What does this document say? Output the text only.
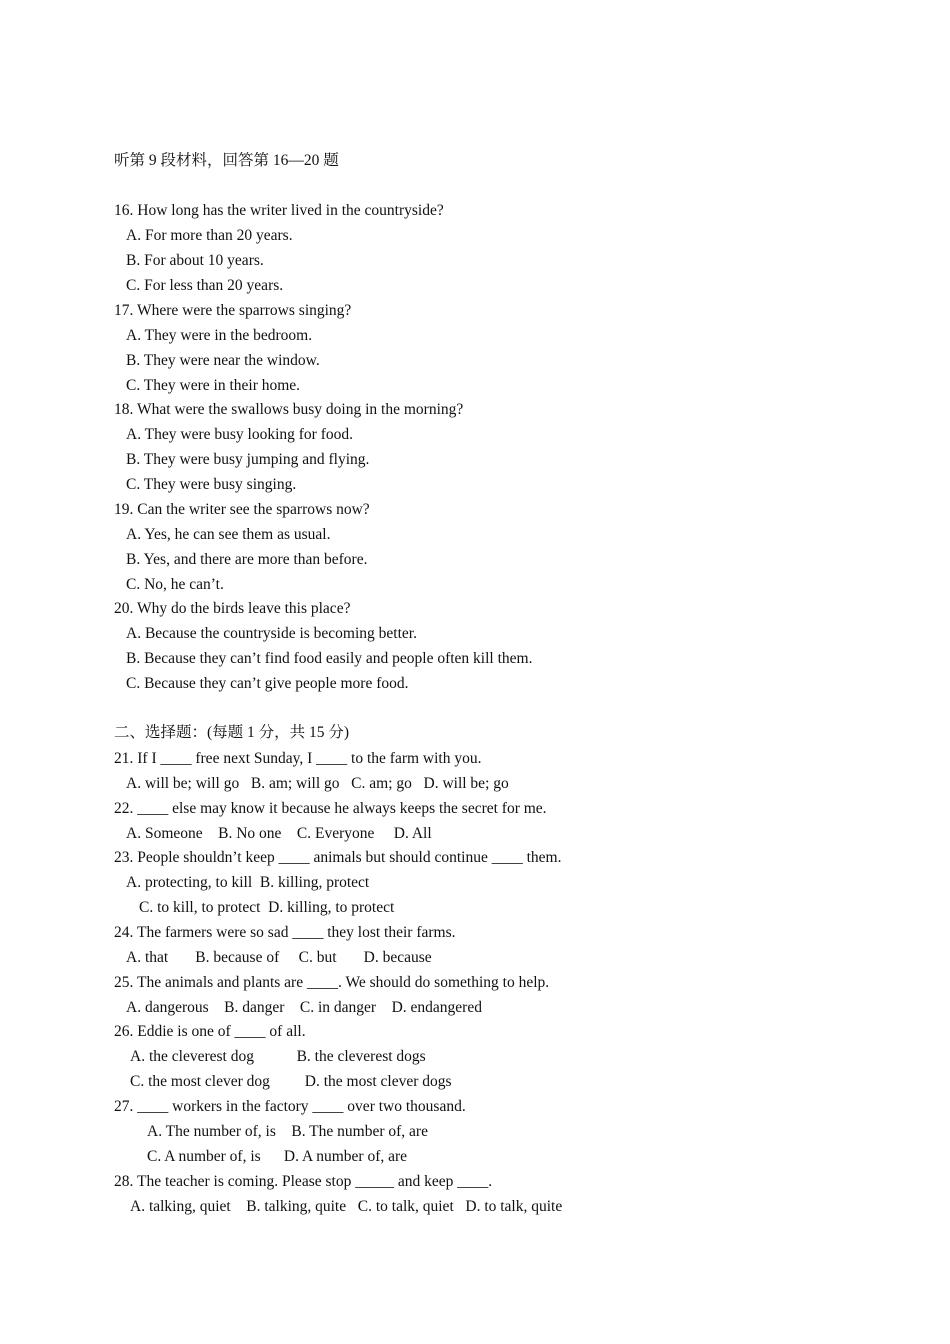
听第 9 段材料，回答第 16—20 题
16. How long has the writer lived in the countryside?
A. For more than 20 years.
B. For about 10 years.
C. For less than 20 years.
17. Where were the sparrows singing?
A. They were in the bedroom.
B. They were near the window.
C. They were in their home.
18. What were the swallows busy doing in the morning?
A. They were busy looking for food.
B. They were busy jumping and flying.
C. They were busy singing.
19. Can the writer see the sparrows now?
A. Yes, he can see them as usual.
B. Yes, and there are more than before.
C. No, he can’t.
20. Why do the birds leave this place?
A. Because the countryside is becoming better.
B. Because they can’t find food easily and people often kill them.
C. Because they can’t give people more food.
二、选择题：(每题 1 分，共 15 分)
21. If I ____ free next Sunday, I ____ to the farm with you.
A. will be; will go   B. am; will go   C. am; go   D. will be; go
22. ____ else may know it because he always keeps the secret for me.
A. Someone    B. No one    C. Everyone     D. All
23. People shouldn’t keep ____ animals but should continue ____ them.
A. protecting, to kill  B. killing, protect
C. to kill, to protect  D. killing, to protect
24. The farmers were so sad ____ they lost their farms.
A. that       B. because of     C. but       D. because
25. The animals and plants are ____. We should do something to help.
A. dangerous    B. danger    C. in danger    D. endangered
26. Eddie is one of ____ of all.
A. the cleverest dog           B. the cleverest dogs
C. the most clever dog         D. the most clever dogs
27. ____ workers in the factory ____ over two thousand.
A. The number of, is    B. The number of, are
C. A number of, is      D. A number of, are
28. The teacher is coming. Please stop _____ and keep ____.
A. talking, quiet    B. talking, quite   C. to talk, quiet   D. to talk, quite
